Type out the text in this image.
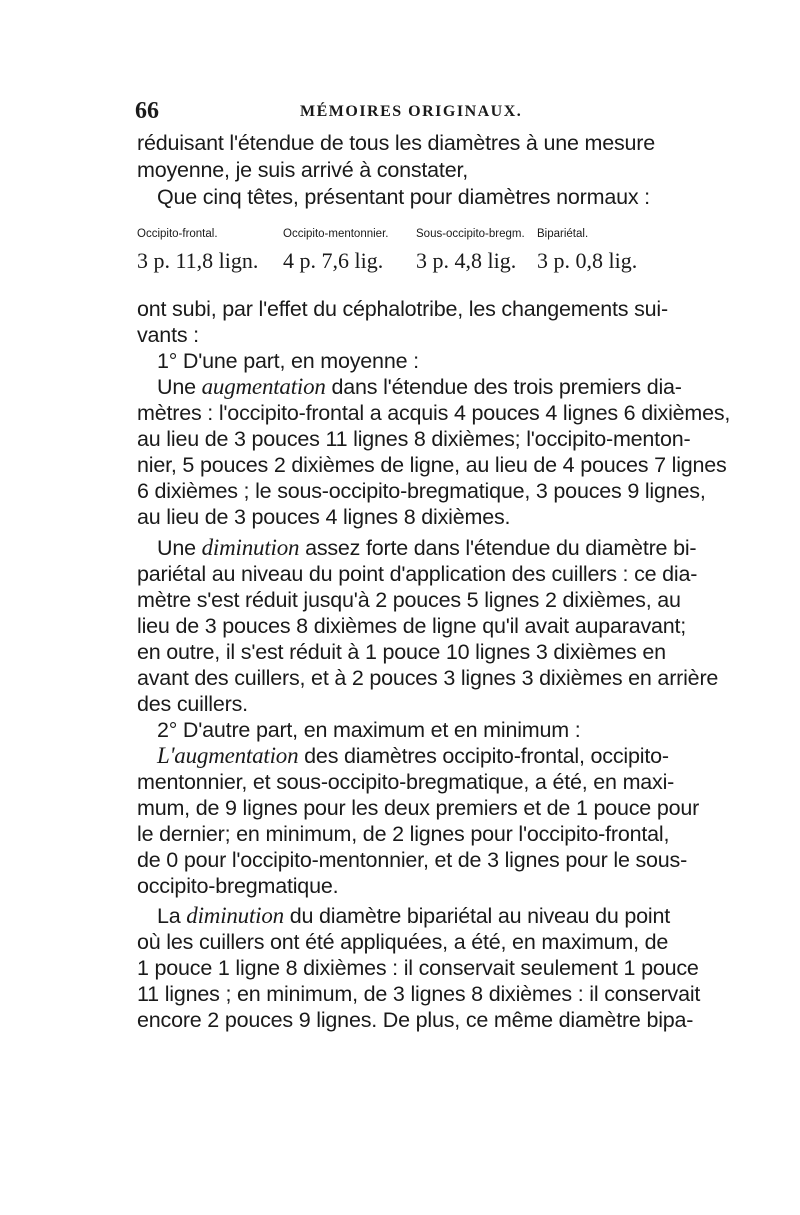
66	MÉMOIRES ORIGINAUX.
réduisant l'étendue de tous les diamètres à une mesure
moyenne, je suis arrivé à constater,
Que cinq têtes, présentant pour diamètres normaux :
Occipito-frontal.	Occipito-mentonnier. Sous-occipito-bregm. Bipariétal.
3 p. 11,8 lign. 4 p. 7,6 lig. 3 p. 4,8 lig. 3 p. 0,8 lig.
ont subi, par l'effet du céphalotribe, les changements sui-
vants :
1° D'une part, en moyenne :
Une augmentation dans l'étendue des trois premiers dia-
mètres : l'occipito-frontal a acquis 4 pouces 4 lignes 6 dixièmes,
au lieu de 3 pouces 11 lignes 8 dixièmes; l'occipito-menton-
nier, 5 pouces 2 dixièmes de ligne, au lieu de 4 pouces 7 lignes
6 dixièmes ; le sous-occipito-bregmatique, 3 pouces 9 lignes,
au lieu de 3 pouces 4 lignes 8 dixièmes.
Une diminution assez forte dans l'étendue du diamètre bi-
pariétal au niveau du point d'application des cuillers : ce dia-
mètre s'est réduit jusqu'à 2 pouces 5 lignes 2 dixièmes, au
lieu de 3 pouces 8 dixièmes de ligne qu'il avait auparavant;
en outre, il s'est réduit à 1 pouce 10 lignes 3 dixièmes en
avant des cuillers, et à 2 pouces 3 lignes 3 dixièmes en arrière
des cuillers.
2° D'autre part, en maximum et en minimum :
L'augmentation des diamètres occipito-frontal, occipito-
mentonnier, et sous-occipito-bregmatique, a été, en maxi-
mum, de 9 lignes pour les deux premiers et de 1 pouce pour
le dernier; en minimum, de 2 lignes pour l'occipito-frontal,
de 0 pour l'occipito-mentonnier, et de 3 lignes pour le sous-
occipito-bregmatique.
La diminution du diamètre bipariétal au niveau du point
où les cuillers ont été appliquées, a été, en maximum, de
1 pouce 1 ligne 8 dixièmes : il conservait seulement 1 pouce
11 lignes ; en minimum, de 3 lignes 8 dixièmes : il conservait
encore 2 pouces 9 lignes. De plus, ce même diamètre bipa-
